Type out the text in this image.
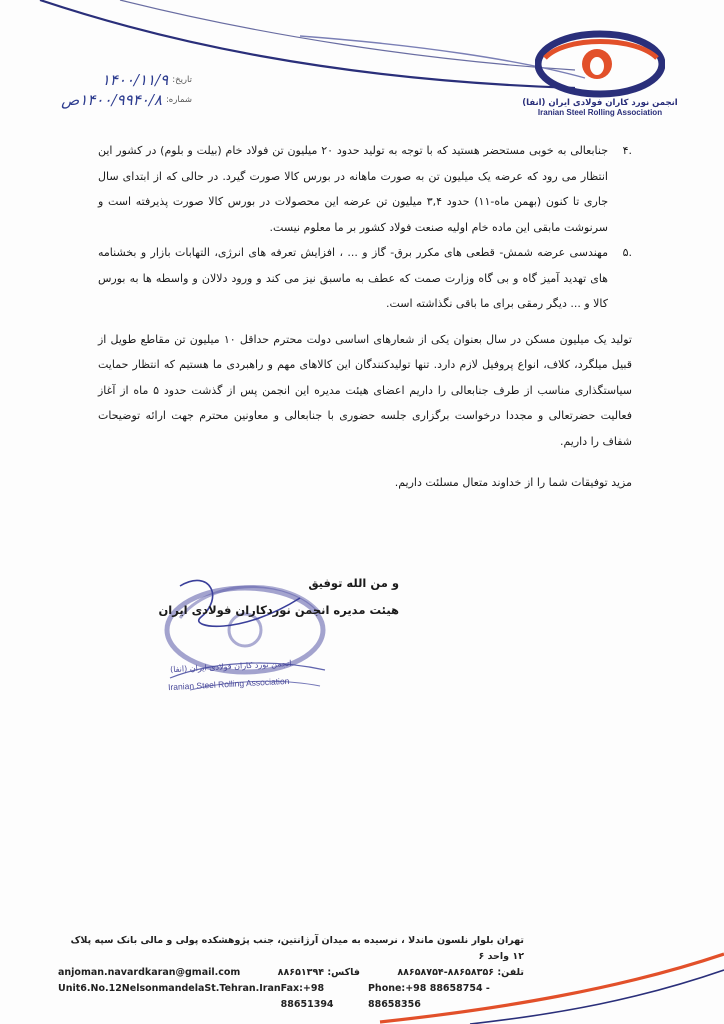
انجمن نورد کاران فولادی ایران (انفا)
Iranian Steel Rolling Association
تاریخ:
۱۴۰۰/۱۱/۹
شماره:
۱۴۰۰/۹۹۴۰/۸ص
.۴
جنابعالی به خوبی مستحضر هستید که با توجه به تولید حدود ۲۰ میلیون تن فولاد خام (بیلت و بلوم) در کشور این انتظار می رود که عرضه یک میلیون تن به صورت ماهانه در بورس کالا صورت گیرد. در حالی که از ابتدای سال جاری تا کنون (بهمن ماه-۱۱) حدود ۳,۴ میلیون تن عرضه این محصولات در بورس کالا صورت پذیرفته است و سرنوشت مابقی این ماده خام اولیه صنعت فولاد کشور بر ما معلوم نیست.
.۵
مهندسی عرضه شمش- قطعی های مکرر برق- گاز و ... ، افزایش تعرفه های انرژی، التهابات بازار و بخشنامه های تهدید آمیز گاه و بی گاه وزارت صمت که عطف به ماسبق نیز می کند و ورود دلالان و واسطه ها به بورس کالا و ... دیگر رمقی برای ما باقی نگذاشته است.
تولید یک میلیون مسکن در سال بعنوان یکی از شعارهای اساسی دولت محترم حداقل ۱۰ میلیون تن مقاطع طویل از قبیل میلگرد، کلاف، انواع پروفیل لازم دارد. تنها تولیدکنندگان این کالاهای مهم و راهبردی ما هستیم که انتظار حمایت سیاستگذاری مناسب از طرف جنابعالی را داریم اعضای هیئت مدیره این انجمن پس از گذشت حدود ۵ ماه از آغاز فعالیت حضرتعالی و مجددا درخواست برگزاری جلسه حضوری با جنابعالی و معاونین محترم جهت ارائه توضیحات شفاف را داریم.
مزید توفیقات شما را از خداوند متعال مسلئت داریم.
انجمن نورد کاران فولادی ایران (انفا)
Iranian Steel Rolling Association
و من الله توفیق
هیئت مدیره انجمن نوردکاران فولادی ایران
تهران بلوار نلسون ماندلا ، نرسیده به میدان آرژانتین، جنب پژوهشکده پولی و مالی بانک سپه پلاک ۱۲ واحد ۶
anjoman.navardkaran@gmail.com	فاکس: ۸۸۶۵۱۳۹۴	تلفن: ۸۸۶۵۸۳۵۶-۸۸۶۵۸۷۵۴
Unit6.No.12NelsonmandelaSt.Tehran.Iran Fax:+98 88651394
Phone:+98 88658754 - 88658356
